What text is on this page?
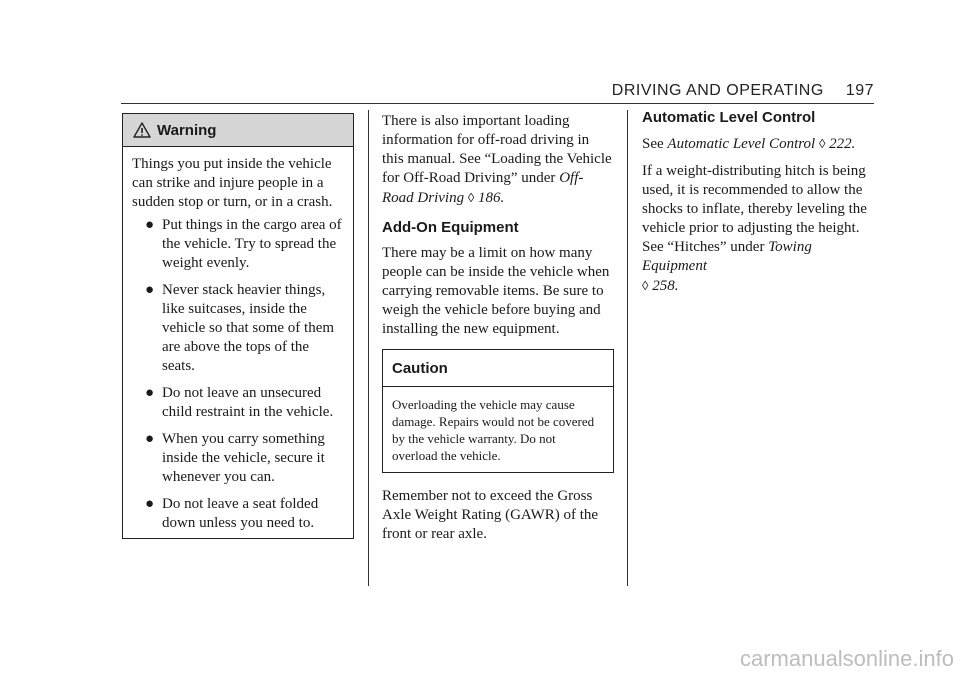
DRIVING AND OPERATING 197
Warning

Things you put inside the vehicle can strike and injure people in a sudden stop or turn, or in a crash.

● Put things in the cargo area of the vehicle. Try to spread the weight evenly.
● Never stack heavier things, like suitcases, inside the vehicle so that some of them are above the tops of the seats.
● Do not leave an unsecured child restraint in the vehicle.
● When you carry something inside the vehicle, secure it whenever you can.
● Do not leave a seat folded down unless you need to.

There is also important loading information for off-road driving in this manual. See “Loading the Vehicle for Off-Road Driving” under Off-Road Driving ◊ 186.

Add-On Equipment

There may be a limit on how many people can be inside the vehicle when carrying removable items. Be sure to weigh the vehicle before buying and installing the new equipment.

Caution
Overloading the vehicle may cause damage. Repairs would not be covered by the vehicle warranty. Do not overload the vehicle.

Remember not to exceed the Gross Axle Weight Rating (GAWR) of the front or rear axle.

Automatic Level Control

See Automatic Level Control ◊ 222.

If a weight-distributing hitch is being used, it is recommended to allow the shocks to inflate, thereby leveling the vehicle prior to adjusting the height. See “Hitches” under Towing Equipment
◊ 258.

carmanualsonline.info
